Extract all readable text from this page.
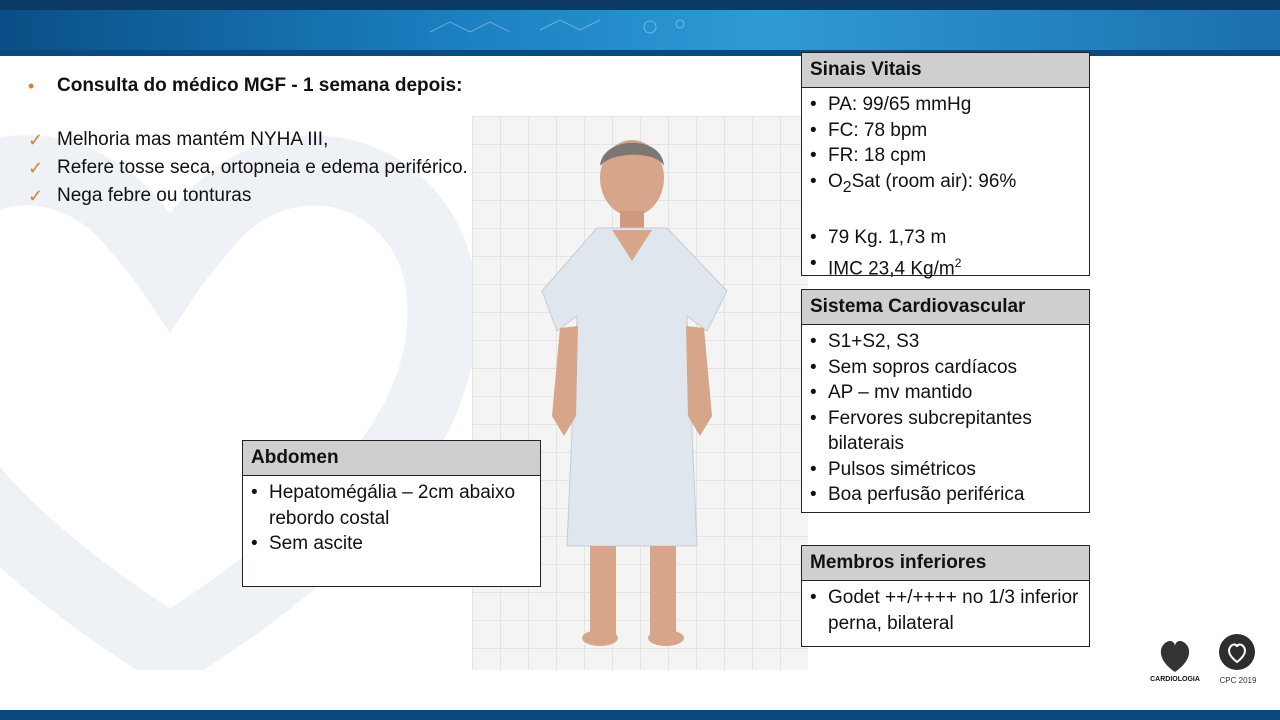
•	Consulta do médico MGF - 1 semana depois:
✓ Melhoria mas mantém NYHA III,
✓ Refere tosse seca, ortopneia e edema periférico.
✓ Nega febre ou tonturas
Sinais Vitais
• PA: 99/65 mmHg
• FC: 78 bpm
• FR: 18 cpm
• $O_2Sat$ (room air): 96%
• 79 Kg. 1,73 m
• IMC 23,4 $Kg/m^2$
Sistema Cardiovascular
• S1+S2, S3
• Sem sopros cardíacos
• AP – mv mantido
• Fervores subcrepitantes bilaterais
• Pulsos simétricos
• Boa perfusão periférica
Abdomen
• Hepatomégália – 2cm abaixo rebordo costal
• Sem ascite
Membros inferiores
• Godet ++/++++ no 1/3 inferior perna, bilateral
CARDIOLOGIA	CPC 2019
